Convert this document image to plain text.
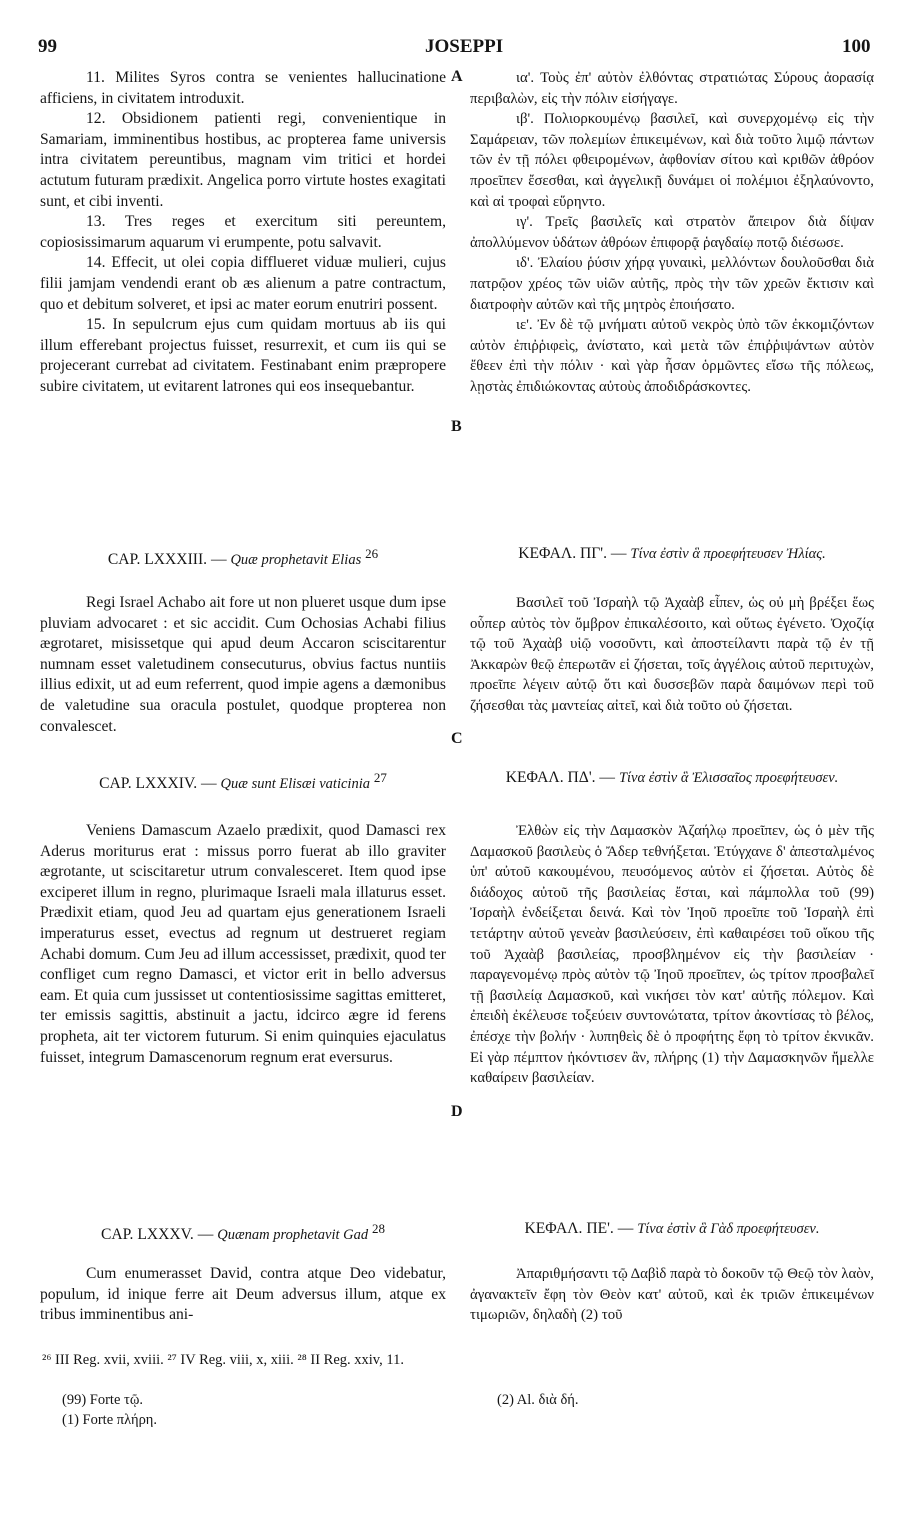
99	JOSEPPI	100
A
B
C
D

11. Milites Syros contra se venientes hallucinatione afficiens, in civitatem introduxit.

12. Obsidionem patienti regi, convenientique in Samariam, imminentibus hostibus, ac propterea fame universis intra civitatem pereuntibus, magnam vim tritici et hordei actutum futuram prædixit. Angelica porro virtute hostes exagitati sunt, et cibi inventi.

13. Tres reges et exercitum siti pereuntem, copiosissimarum aquarum vi erumpente, potu salvavit.

14. Effecit, ut olei copia difflueret viduæ mulieri, cujus filii jamjam vendendi erant ob æs alienum a patre contractum, quo et debitum solveret, et ipsi ac mater eorum enutriri possent.

15. In sepulcrum ejus cum quidam mortuus ab iis qui illum efferebant projectus fuisset, resurrexit, et cum iis qui se projecerant currebat ad civitatem. Festinabant enim præpropere subire civitatem, ut evitarent latrones qui eos insequebantur.

CAP. LXXXIII. — Quæ prophetavit Elias $^{26}$

Regi Israel Achabo ait fore ut non plueret usque dum ipse pluviam advocaret : et sic accidit. Cum Ochosias Achabi filius ægrotaret, misissetque qui apud deum Accaron sciscitarentur numnam esset valetudinem consecuturus, obvius factus nuntiis illius edixit, ut ad eum referrent, quod impie agens a dæmonibus de valetudine sua oracula postulet, quodque propterea non convalescet.

CAP. LXXXIV. — Quæ sunt Elisæi vaticinia $^{27}$

Veniens Damascum Azaelo prædixit, quod Damasci rex Aderus moriturus erat : missus porro fuerat ab illo graviter ægrotante, ut sciscitaretur utrum convalesceret. Item quod ipse exciperet illum in regno, plurimaque Israeli mala illaturus esset. Prædixit etiam, quod Jeu ad quartam ejus generationem Israeli imperaturus esset, evectus ad regnum ut destrueret regiam Achabi domum. Cum Jeu ad illum accessisset, prædixit, quod ter confliget cum regno Damasci, et victor erit in bello adversus eam. Et quia cum jussisset ut contentiosissime sagittas emitteret, ter emissis sagittis, abstinuit a jactu, idcirco ægre id ferens propheta, ait ter victorem futurum. Si enim quinquies ejaculatus fuisset, integrum Damascenorum regnum erat eversurus.

CAP. LXXXV. — Quænam prophetavit Gad $^{28}$

Cum enumerasset David, contra atque Deo videbatur, populum, id inique ferre ait Deum adversus illum, atque ex tribus imminentibus ani-

ια'. Τοὺς ἐπ' αὐτὸν ἐλθόντας στρατιώτας Σύρους ἀορασίᾳ περιβαλὼν, εἰς τὴν πόλιν εἰσήγαγε.

ιβ'. Πολιορκουμένῳ βασιλεῖ, καὶ συνερχομένῳ εἰς τὴν Σαμάρειαν, τῶν πολεμίων ἐπικειμένων, καὶ διὰ τοῦτο λιμῷ πάντων τῶν ἐν τῇ πόλει φθειρομένων, ἀφθονίαν σίτου καὶ κριθῶν ἀθρόον προεῖπεν ἔσεσθαι, καὶ ἀγγελικῇ δυνάμει οἱ πολέμιοι ἐξηλαύνοντο, καὶ αἱ τροφαὶ εὕρηντο.

ιγ'. Τρεῖς βασιλεῖς καὶ στρατὸν ἄπειρον διὰ δίψαν ἀπολλύμενον ὑδάτων ἀθρόων ἐπιφορᾷ ῥαγδαίῳ ποτῷ διέσωσε.

ιδ'. Ἐλαίου ῥύσιν χήρᾳ γυναικὶ, μελλόντων δουλοῦσθαι διὰ πατρῷον χρέος τῶν υἱῶν αὐτῆς, πρὸς τὴν τῶν χρεῶν ἔκτισιν καὶ διατροφὴν αὐτῶν καὶ τῆς μητρὸς ἐποιήσατο.

ιε'. Ἐν δὲ τῷ μνήματι αὐτοῦ νεκρὸς ὑπὸ τῶν ἐκκομιζόντων αὐτὸν ἐπιῤῥιφεὶς, ἀνίστατο, καὶ μετὰ τῶν ἐπιῤῥιψάντων αὐτὸν ἔθεεν ἐπὶ τὴν πόλιν · καὶ γὰρ ἦσαν ὁρμῶντες εἴσω τῆς πόλεως, λῃστὰς ἐπιδιώκοντας αὐτοὺς ἀποδιδράσκοντες.

ΚΕΦΑΛ. ΠΓ'. — Τίνα ἐστὶν ἃ προεφήτευσεν Ἠλίας.

Βασιλεῖ τοῦ Ἰσραὴλ τῷ Ἀχαὰβ εἶπεν, ὡς οὐ μὴ βρέξει ἕως οὗπερ αὐτὸς τὸν ὄμβρον ἐπικαλέσοιτο, καὶ οὕτως ἐγένετο. Ὀχοζίᾳ τῷ τοῦ Ἀχαὰβ υἱῷ νοσοῦντι, καὶ ἀποστείλαντι παρὰ τῷ ἐν τῇ Ἀκκαρὼν θεῷ ἐπερωτᾶν εἰ ζήσεται, τοῖς ἀγγέλοις αὐτοῦ περιτυχὼν, προεῖπε λέγειν αὐτῷ ὅτι καὶ δυσσεβῶν παρὰ δαιμόνων περὶ τοῦ ζήσεσθαι τὰς μαντείας αἰτεῖ, καὶ διὰ τοῦτο οὐ ζήσεται.

ΚΕΦΑΛ. ΠΔ'. — Τίνα ἐστὶν ἃ Ἐλισσαῖος προεφήτευσεν.

Ἐλθὼν εἰς τὴν Δαμασκὸν Ἀζαήλῳ προεῖπεν, ὡς ὁ μὲν τῆς Δαμασκοῦ βασιλεὺς ὁ Ἄδερ τεθνήξεται. Ἐτύγχανε δ' ἀπεσταλμένος ὑπ' αὐτοῦ κακουμένου, πευσόμενος αὐτὸν εἰ ζήσεται. Αὐτὸς δὲ διάδοχος αὐτοῦ τῆς βασιλείας ἔσται, καὶ πάμπολλα τοῦ (99) Ἰσραὴλ ἐνδείξεται δεινά. Καὶ τὸν Ἰηοῦ προεῖπε τοῦ Ἰσραὴλ ἐπὶ τετάρτην αὐτοῦ γενεὰν βασιλεύσειν, ἐπὶ καθαιρέσει τοῦ οἴκου τῆς τοῦ Ἀχαὰβ βασιλείας, προσβλημένον εἰς τὴν βασιλείαν · παραγενομένῳ πρὸς αὐτὸν τῷ Ἰηοῦ προεῖπεν, ὡς τρίτον προσβαλεῖ τῇ βασιλείᾳ Δαμασκοῦ, καὶ νικήσει τὸν κατ' αὐτῆς πόλεμον. Καὶ ἐπειδὴ ἐκέλευσε τοξεύειν συντονώτατα, τρίτον ἀκοντίσας τὸ βέλος, ἐπέσχε τὴν βολήν · λυπηθεὶς δὲ ὁ προφήτης ἔφη τὸ τρίτον ἐκνικᾶν. Εἰ γὰρ πέμπτον ἠκόντισεν ἂν, πλήρης (1) τὴν Δαμασκηνῶν ἤμελλε καθαίρειν βασιλείαν.

ΚΕΦΑΛ. ΠΕ'. — Τίνα ἐστὶν ἃ Γὰδ προεφήτευσεν.

Ἀπαριθμήσαντι τῷ Δαβὶδ παρὰ τὸ δοκοῦν τῷ Θεῷ τὸν λαὸν, ἀγανακτεῖν ἔφη τὸν Θεὸν κατ' αὐτοῦ, καὶ ἐκ τριῶν ἐπικειμένων τιμωριῶν, δηλαδὴ (2) τοῦ

²⁶ III Reg. xvii, xviii. ²⁷ IV Reg. viii, x, xiii. ²⁸ II Reg. xxiv, 11.
(99) Forte τῷ.
(1) Forte πλήρη.
(2) Al. διὰ δή.
